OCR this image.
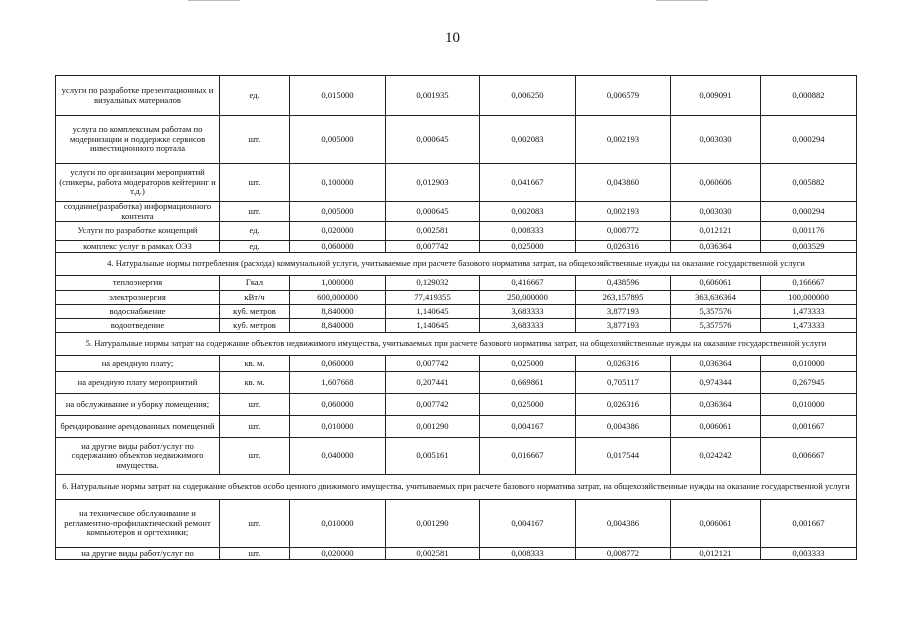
10
услуги по разработке презентационных и визуальных материалов	ед.	0,015000	0,001935	0,006250	0,006579	0,009091	0,000882
услуга по комплексным работам по модернизации и поддержке сервисов инвестиционного портала	шт.	0,005000	0,000645	0,002083	0,002193	0,003030	0,000294
услуги по организации мероприятий (спикеры, работа модераторов кейтеринг и т.д.)	шт.	0,100000	0,012903	0,041667	0,043860	0,060606	0,005882
создание(разработка) информационного контента	шт.	0,005000	0,000645	0,002083	0,002193	0,003030	0,000294
Услуги по разработке концепций	ед.	0,020000	0,002581	0,008333	0,008772	0,012121	0,001176
комплекс услуг в рамках ОЭЗ	ед.	0,060000	0,007742	0,025000	0,026316	0,036364	0,003529
4. Натуральные нормы потребления (расхода) коммунальной услуги, учитываемые при расчете базового норматива затрат, на общехозяйственные нужды на оказание государственной услуги							
теплоэнергия	Гкал	1,000000	0,129032	0,416667	0,438596	0,606061	0,166667
электроэнергия	кВт/ч	600,000000	77,419355	250,000000	263,157895	363,636364	100,000000
водоснабжение	куб. метров	8,840000	1,140645	3,683333	3,877193	5,357576	1,473333
водоотведение	куб. метров	8,840000	1,140645	3,683333	3,877193	5,357576	1,473333
5. Натуральные нормы затрат на содержание объектов недвижимого имущества, учитываемых при расчете базового норматива затрат, на общехозяйственные нужды на оказание государственной услуги							
на арендную плату;	кв. м.	0,060000	0,007742	0,025000	0,026316	0,036364	0,010000
на арендную плату мероприятий	кв. м.	1,607668	0,207441	0,669861	0,705117	0,974344	0,267945
на обслуживание и уборку помещения;	шт.	0,060000	0,007742	0,025000	0,026316	0,036364	0,010000
брендирование арендованных помещений	шт.	0,010000	0,001290	0,004167	0,004386	0,006061	0,001667
на другие виды работ/услуг по содержанию объектов недвижимого имущества.	шт.	0,040000	0,005161	0,016667	0,017544	0,024242	0,006667
6. Натуральные нормы затрат на содержание объектов особо ценного движимого имущества, учитываемых при расчете базового норматива затрат, на общехозяйственные нужды на оказание государственной услуги							
на техническое обслуживание и регламентно-профилактический ремонт компьютеров и оргтехники;	шт.	0,010000	0,001290	0,004167	0,004386	0,006061	0,001667
на другие виды работ/услуг по	шт.	0,020000	0,002581	0,008333	0,008772	0,012121	0,003333
